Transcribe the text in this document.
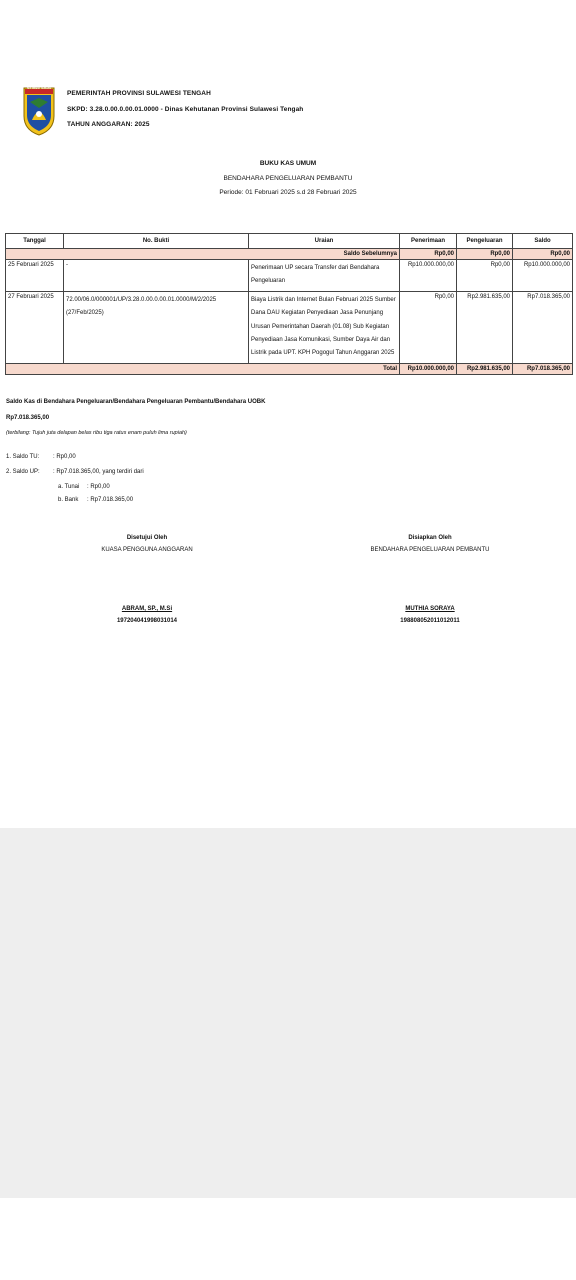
SULAWESI TENGAH
PEMERINTAH PROVINSI SULAWESI TENGAH
SKPD: 3.28.0.00.0.00.01.0000 - Dinas Kehutanan Provinsi Sulawesi Tengah
TAHUN ANGGARAN: 2025
BUKU KAS UMUM
BENDAHARA PENGELUARAN PEMBANTU
Periode: 01 Februari 2025 s.d 28 Februari 2025
Tanggal	No. Bukti	Uraian	Penerimaan	Pengeluaran	Saldo
Saldo Sebelumnya			Rp0,00	Rp0,00	Rp0,00
25 Februari 2025	-	Penerimaan UP secara Transfer dari Bendahara Pengeluaran	Rp10.000.000,00	Rp0,00	Rp10.000.000,00
27 Februari 2025	72.00/06.0/000001/UP/3.28.0.00.0.00.01.0000/M/2/2025 (27/Feb/2025)	Biaya Listrik dan Internet Bulan Februari 2025 Sumber Dana DAU Kegiatan Penyediaan Jasa Penunjang Urusan Pemerintahan Daerah (01.08) Sub Kegiatan Penyediaan Jasa Komunikasi, Sumber Daya Air dan Listrik pada UPT. KPH Pogogul Tahun Anggaran 2025	Rp0,00	Rp2.981.635,00	Rp7.018.365,00
Total			Rp10.000.000,00	Rp2.981.635,00	Rp7.018.365,00
Saldo Kas di Bendahara Pengeluaran/Bendahara Pengeluaran Pembantu/Bendahara UOBK
Rp7.018.365,00
(terbilang: Tujuh juta delapan belas ribu tiga ratus enam puluh lima rupiah)
1. Saldo TU: : Rp0,00
2. Saldo UP: : Rp7.018.365,00, yang terdiri dari
a. Tunai : Rp0,00
b. Bank : Rp7.018.365,00
Disetujui Oleh
KUASA PENGGUNA ANGGARAN
ABRAM, SP., M.Si
197204041998031014
Disiapkan Oleh
BENDAHARA PENGELUARAN PEMBANTU
MUTHIA SORAYA
198808052011012011
